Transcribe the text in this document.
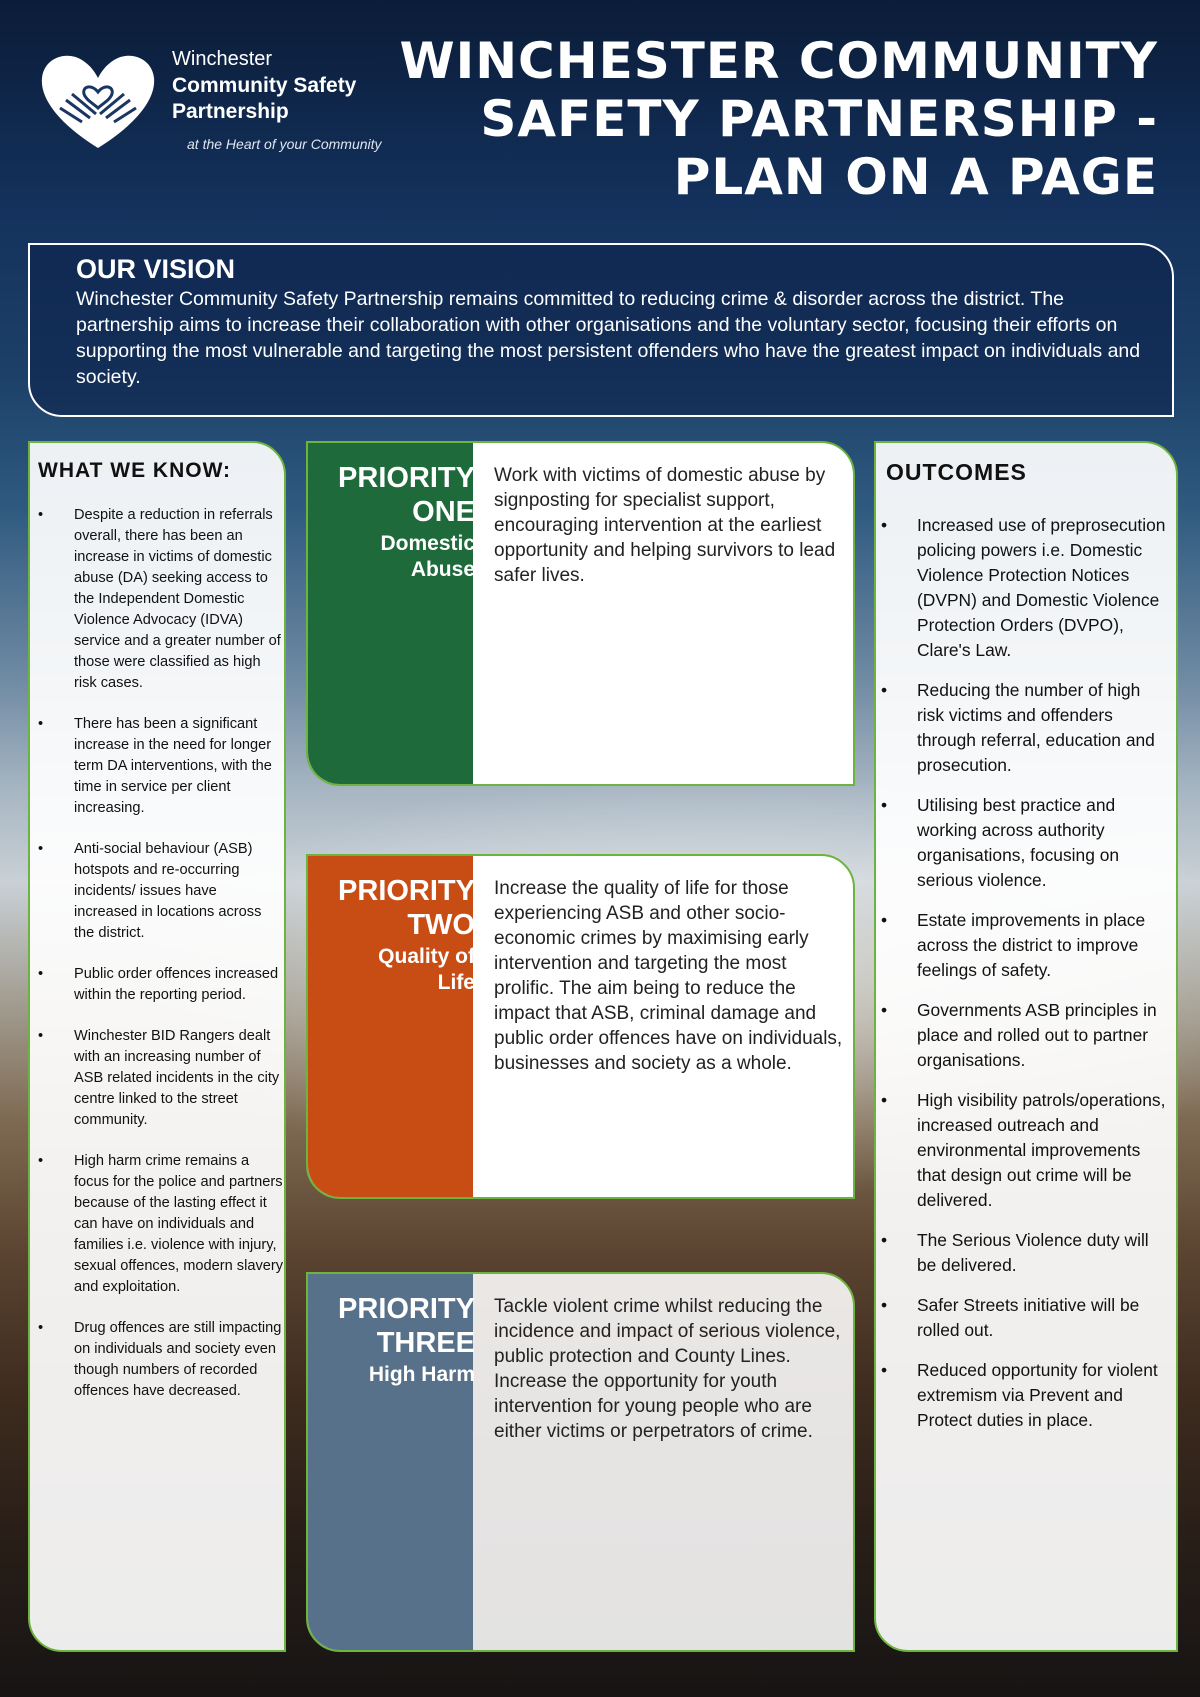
Winchester
Community Safety
Partnership
at the Heart of your Community
WINCHESTER COMMUNITY
SAFETY PARTNERSHIP -
PLAN ON A PAGE
OUR VISION
Winchester Community Safety Partnership remains committed to reducing crime & disorder across the district. The partnership aims to increase their collaboration with other organisations and the voluntary sector, focusing their efforts on supporting the most vulnerable and targeting the most persistent offenders who have the greatest impact on individuals and society.
WHAT WE KNOW:
• Despite a reduction in referrals overall, there has been an increase in victims of domestic abuse (DA) seeking access to the Independent Domestic Violence Advocacy (IDVA) service and a greater number of those were classified as high risk cases.
• There has been a significant increase in the need for longer term DA interventions, with the time in service per client increasing.
• Anti-social behaviour (ASB) hotspots and re-occurring incidents/ issues have increased in locations across the district.
• Public order offences increased within the reporting period.
• Winchester BID Rangers dealt with an increasing number of ASB related incidents in the city centre linked to the street community.
• High harm crime remains a focus for the police and partners because of the lasting effect it can have on individuals and families i.e. violence with injury, sexual offences, modern slavery and exploitation.
• Drug offences are still impacting on individuals and society even though numbers of recorded offences have decreased.
PRIORITY
ONE
Domestic
Abuse
Work with victims of domestic abuse by signposting for specialist support, encouraging intervention at the earliest opportunity and helping survivors to lead safer lives.
PRIORITY
TWO
Quality of
Life
Increase the quality of life for those experiencing ASB and other socio-economic crimes by maximising early intervention and targeting the most prolific. The aim being to reduce the impact that ASB, criminal damage and public order offences have on individuals, businesses and society as a whole.
PRIORITY
THREE
High Harm
Tackle violent crime whilst reducing the incidence and impact of serious violence, public protection and County Lines. Increase the opportunity for youth intervention for young people who are either victims or perpetrators of crime.
OUTCOMES
• Increased use of preprosecution policing powers i.e. Domestic Violence Protection Notices (DVPN) and Domestic Violence Protection Orders (DVPO), Clare's Law.
• Reducing the number of high risk victims and offenders through referral, education and prosecution.
• Utilising best practice and working across authority organisations, focusing on serious violence.
• Estate improvements in place across the district to improve feelings of safety.
• Governments ASB principles in place and rolled out to partner organisations.
• High visibility patrols/operations, increased outreach and environmental improvements that design out crime will be delivered.
• The Serious Violence duty will be delivered.
• Safer Streets initiative will be rolled out.
• Reduced opportunity for violent extremism via Prevent and Protect duties in place.
